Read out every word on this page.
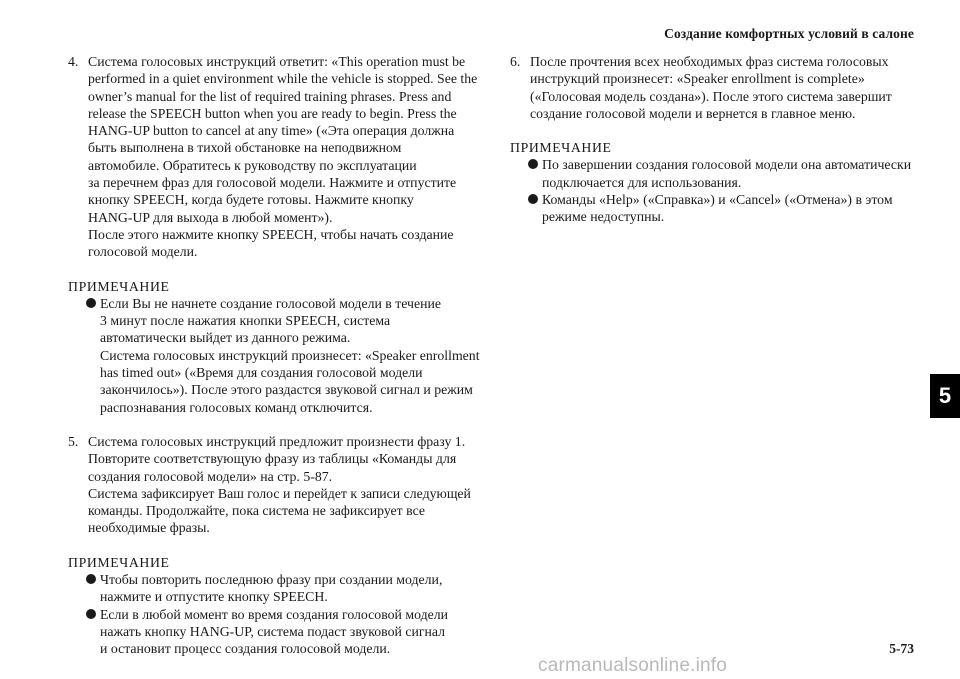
Создание комфортных условий в салоне
4. Система голосовых инструкций ответит: «This operation must be
performed in a quiet environment while the vehicle is stopped. See the
owner’s manual for the list of required training phrases. Press and
release the SPEECH button when you are ready to begin. Press the
HANG-UP button to cancel at any time» («Эта операция должна
быть выполнена в тихой обстановке на неподвижном
автомобиле. Обратитесь к руководству по эксплуатации
за перечнем фраз для голосовой модели. Нажмите и отпустите
кнопку SPEECH, когда будете готовы. Нажмите кнопку
HANG-UP для выхода в любой момент»).
После этого нажмите кнопку SPEECH, чтобы начать создание
голосовой модели.
ПРИМЕЧАНИЕ
Если Вы не начнете создание голосовой модели в течение
3 минут после нажатия кнопки SPEECH, система
автоматически выйдет из данного режима.
Система голосовых инструкций произнесет: «Speaker enrollment
has timed out» («Время для создания голосовой модели
закончилось»). После этого раздастся звуковой сигнал и режим
распознавания голосовых команд отключится.
5. Система голосовых инструкций предложит произнести фразу 1.
Повторите соответствующую фразу из таблицы «Команды для
создания голосовой модели» на стр. 5-87.
Система зафиксирует Ваш голос и перейдет к записи следующей
команды. Продолжайте, пока система не зафиксирует все
необходимые фразы.
ПРИМЕЧАНИЕ
Чтобы повторить последнюю фразу при создании модели,
нажмите и отпустите кнопку SPEECH.
Если в любой момент во время создания голосовой модели
нажать кнопку HANG-UP, система подаст звуковой сигнал
и остановит процесс создания голосовой модели.
6. После прочтения всех необходимых фраз система голосовых
инструкций произнесет: «Speaker enrollment is complete»
(«Голосовая модель создана»). После этого система завершит
создание голосовой модели и вернется в главное меню.
ПРИМЕЧАНИЕ
По завершении создания голосовой модели она автоматически
подключается для использования.
Команды «Help» («Справка») и «Cancel» («Отмена») в этом
режиме недоступны.
5
5-73
carmanualsonline.info
